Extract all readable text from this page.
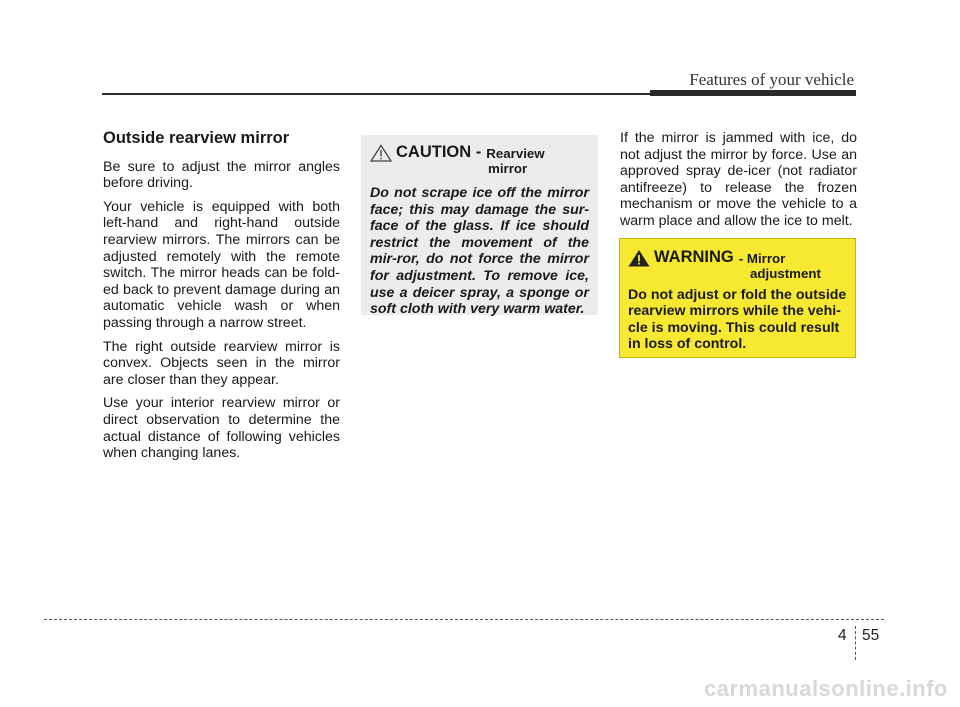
Features of your vehicle
Outside rearview mirror

Be sure to adjust the mirror angles before driving.

Your vehicle is equipped with both left-hand and right-hand outside rearview mirrors. The mirrors can be adjusted remotely with the remote switch. The mirror heads can be fold-ed back to prevent damage during an automatic vehicle wash or when passing through a narrow street.

The right outside rearview mirror is convex. Objects seen in the mirror are closer than they appear.

Use your interior rearview mirror or direct observation to determine the actual distance of following vehicles when changing lanes.

CAUTION - Rearview
mirror

Do not scrape ice off the mirror face; this may damage the sur-face of the glass. If ice should restrict the movement of the mir-ror, do not force the mirror for adjustment. To remove ice, use a deicer spray, a sponge or soft cloth with very warm water.

If the mirror is jammed with ice, do not adjust the mirror by force. Use an approved spray de-icer (not radiator antifreeze) to release the frozen mechanism or move the vehicle to a warm place and allow the ice to melt.

WARNING - Mirror
adjustment

Do not adjust or fold the outside rearview mirrors while the vehi-cle is moving. This could result in loss of control.

4 55
carmanualsonline.info
